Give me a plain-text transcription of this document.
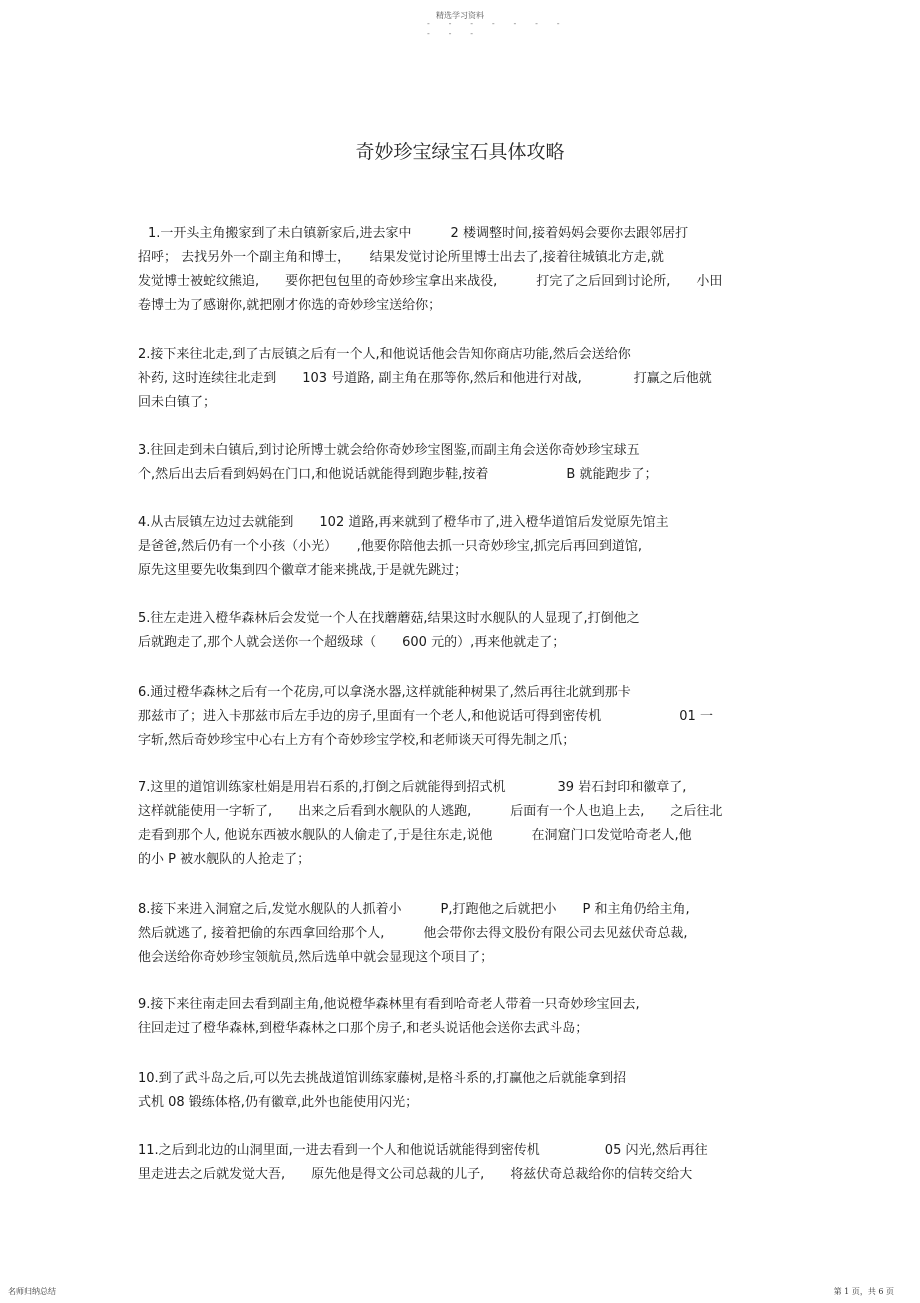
精选学习资料
- - - - - - -
- - -
奇妙珍宝绿宝石具体攻略
1.一开头主角搬家到了未白镇新家后,进去家中　　　2 楼调整时间,接着妈妈会要你去跟邻居打
招呼； 去找另外一个副主角和博士，　　结果发觉讨论所里博士出去了,接着往城镇北方走,就
发觉博士被蛇纹熊追,　　要你把包包里的奇妙珍宝拿出来战役,　　　打完了之后回到讨论所,　　小田
卷博士为了感谢你,就把刚才你选的奇妙珍宝送给你；
2.接下来往北走,到了古辰镇之后有一个人,和他说话他会告知你商店功能,然后会送给你
补药, 这时连续往北走到　　103 号道路, 副主角在那等你,然后和他进行对战,　　　　打赢之后他就
回未白镇了；
3.往回走到未白镇后,到讨论所博士就会给你奇妙珍宝图鉴,而副主角会送你奇妙珍宝球五
个,然后出去后看到妈妈在门口,和他说话就能得到跑步鞋,按着　　　　　　B 就能跑步了；
4.从古辰镇左边过去就能到　　102 道路,再来就到了橙华市了,进入橙华道馆后发觉原先馆主
是爸爸,然后仍有一个小孩（小光）　　,他要你陪他去抓一只奇妙珍宝,抓完后再回到道馆,
原先这里要先收集到四个徽章才能来挑战,于是就先跳过；
5.往左走进入橙华森林后会发觉一个人在找蘑蘑菇,结果这时水舰队的人显现了,打倒他之
后就跑走了,那个人就会送你一个超级球（　　600 元的）,再来他就走了；
6.通过橙华森林之后有一个花房,可以拿浇水器,这样就能种树果了,然后再往北就到那卡
那兹市了；进入卡那兹市后左手边的房子,里面有一个老人,和他说话可得到密传机　　　　　　01 一
字斩,然后奇妙珍宝中心右上方有个奇妙珍宝学校,和老师谈天可得先制之爪；
7.这里的道馆训练家杜娟是用岩石系的,打倒之后就能得到招式机　　　　39 岩石封印和徽章了,
这样就能使用一字斩了,　　出来之后看到水舰队的人逃跑,　　　后面有一个人也追上去,　　之后往北
走看到那个人, 他说东西被水舰队的人偷走了,于是往东走,说他　　　在洞窟门口发觉哈奇老人,他
的小 P 被水舰队的人抢走了；
8.接下来进入洞窟之后,发觉水舰队的人抓着小　　　P,打跑他之后就把小　　P 和主角仍给主角,
然后就逃了, 接着把偷的东西拿回给那个人,　　　他会带你去得文股份有限公司去见兹伏奇总裁,
他会送给你奇妙珍宝领航员,然后选单中就会显现这个项目了；
9.接下来往南走回去看到副主角,他说橙华森林里有看到哈奇老人带着一只奇妙珍宝回去,
往回走过了橙华森林,到橙华森林之口那个房子,和老头说话他会送你去武斗岛；
10.到了武斗岛之后,可以先去挑战道馆训练家藤树,是格斗系的,打赢他之后就能拿到招
式机 08 锻练体格,仍有徽章,此外也能使用闪光；
11.之后到北边的山洞里面,一进去看到一个人和他说话就能得到密传机　　　　　05 闪光,然后再往
里走进去之后就发觉大吾,　　原先他是得文公司总裁的儿子,　　将兹伏奇总裁给你的信转交给大
名师归纳总结	第 1 页，共 6 页
